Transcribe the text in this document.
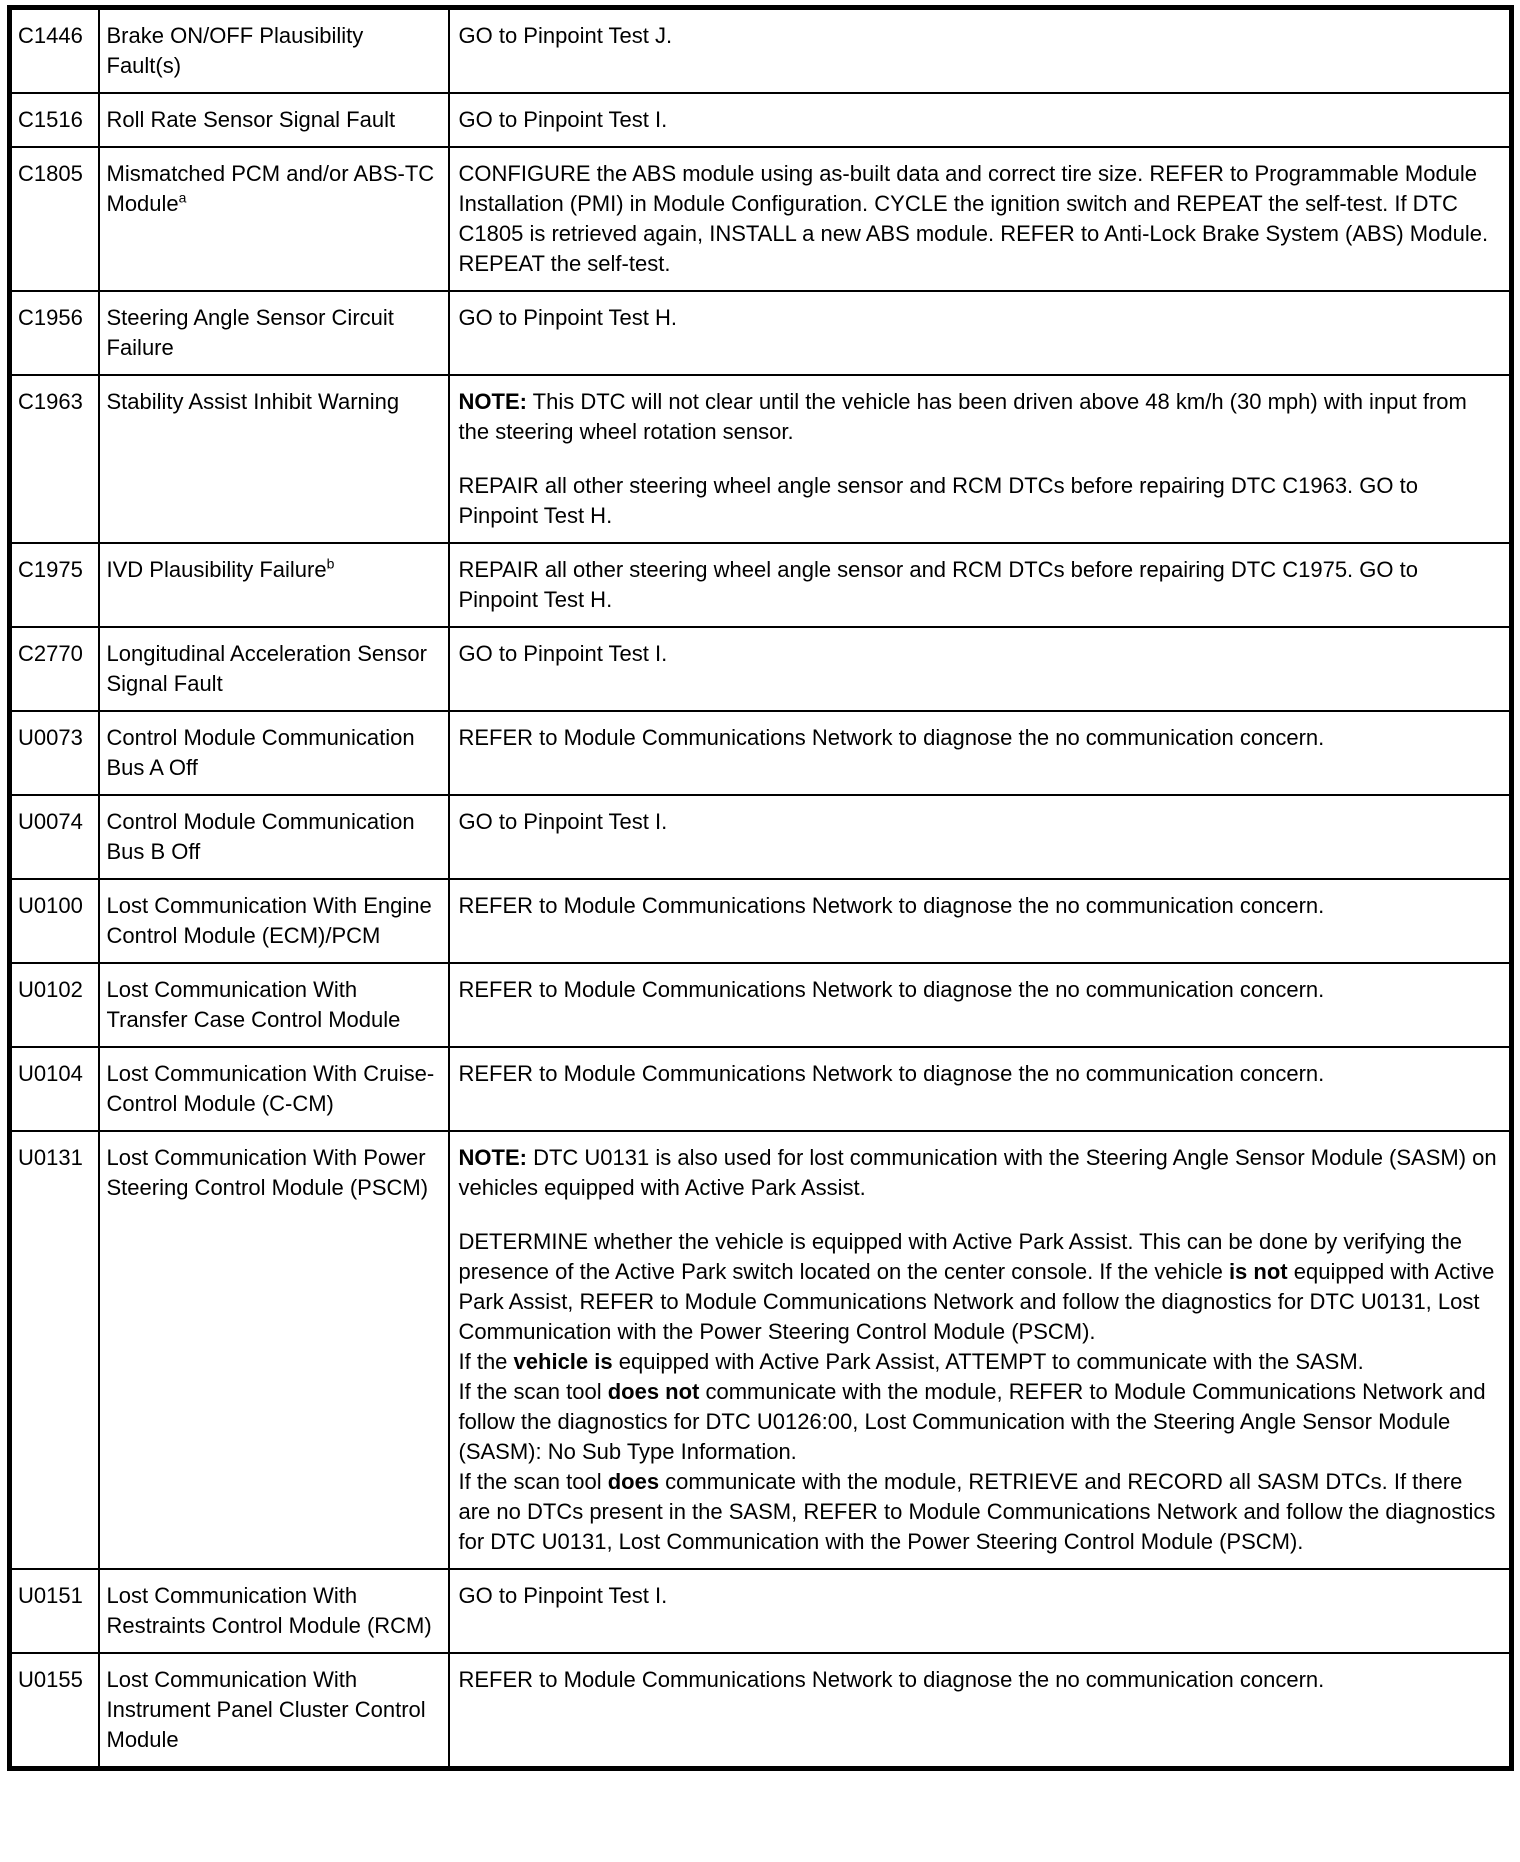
C1446	Brake ON/OFF Plausibility Fault(s)	GO to Pinpoint Test J.

C1516	Roll Rate Sensor Signal Fault	GO to Pinpoint Test I.

C1805	Mismatched PCM and/or ABS-TC Module$^a$	CONFIGURE the ABS module using as-built data and correct tire size. REFER to Programmable Module Installation (PMI) in Module Configuration. CYCLE the ignition switch and REPEAT the self-test. If DTC C1805 is retrieved again, INSTALL a new ABS module. REFER to Anti-Lock Brake System (ABS) Module. REPEAT the self-test.

C1956	Steering Angle Sensor Circuit Failure	GO to Pinpoint Test H.

C1963	Stability Assist Inhibit Warning	NOTE: This DTC will not clear until the vehicle has been driven above 48 km/h (30 mph) with input from the steering wheel rotation sensor.
REPAIR all other steering wheel angle sensor and RCM DTCs before repairing DTC C1963. GO to Pinpoint Test H.

C1975	IVD Plausibility Failure$^b$	REPAIR all other steering wheel angle sensor and RCM DTCs before repairing DTC C1975. GO to Pinpoint Test H.

C2770	Longitudinal Acceleration Sensor Signal Fault	GO to Pinpoint Test I.

U0073	Control Module Communication Bus A Off	REFER to Module Communications Network to diagnose the no communication concern.

U0074	Control Module Communication Bus B Off	GO to Pinpoint Test I.

U0100	Lost Communication With Engine Control Module (ECM)/PCM	REFER to Module Communications Network to diagnose the no communication concern.

U0102	Lost Communication With Transfer Case Control Module	REFER to Module Communications Network to diagnose the no communication concern.

U0104	Lost Communication With Cruise-Control Module (C-CM)	REFER to Module Communications Network to diagnose the no communication concern.

U0131	Lost Communication With Power Steering Control Module (PSCM)	NOTE: DTC U0131 is also used for lost communication with the Steering Angle Sensor Module (SASM) on vehicles equipped with Active Park Assist.
DETERMINE whether the vehicle is equipped with Active Park Assist. This can be done by verifying the presence of the Active Park switch located on the center console. If the vehicle is not equipped with Active Park Assist, REFER to Module Communications Network and follow the diagnostics for DTC U0131, Lost Communication with the Power Steering Control Module (PSCM).
If the vehicle is equipped with Active Park Assist, ATTEMPT to communicate with the SASM.
If the scan tool does not communicate with the module, REFER to Module Communications Network and follow the diagnostics for DTC U0126:00, Lost Communication with the Steering Angle Sensor Module (SASM): No Sub Type Information.
If the scan tool does communicate with the module, RETRIEVE and RECORD all SASM DTCs. If there are no DTCs present in the SASM, REFER to Module Communications Network and follow the diagnostics for DTC U0131, Lost Communication with the Power Steering Control Module (PSCM).

U0151	Lost Communication With Restraints Control Module (RCM)	GO to Pinpoint Test I.

U0155	Lost Communication With Instrument Panel Cluster Control Module	REFER to Module Communications Network to diagnose the no communication concern.
